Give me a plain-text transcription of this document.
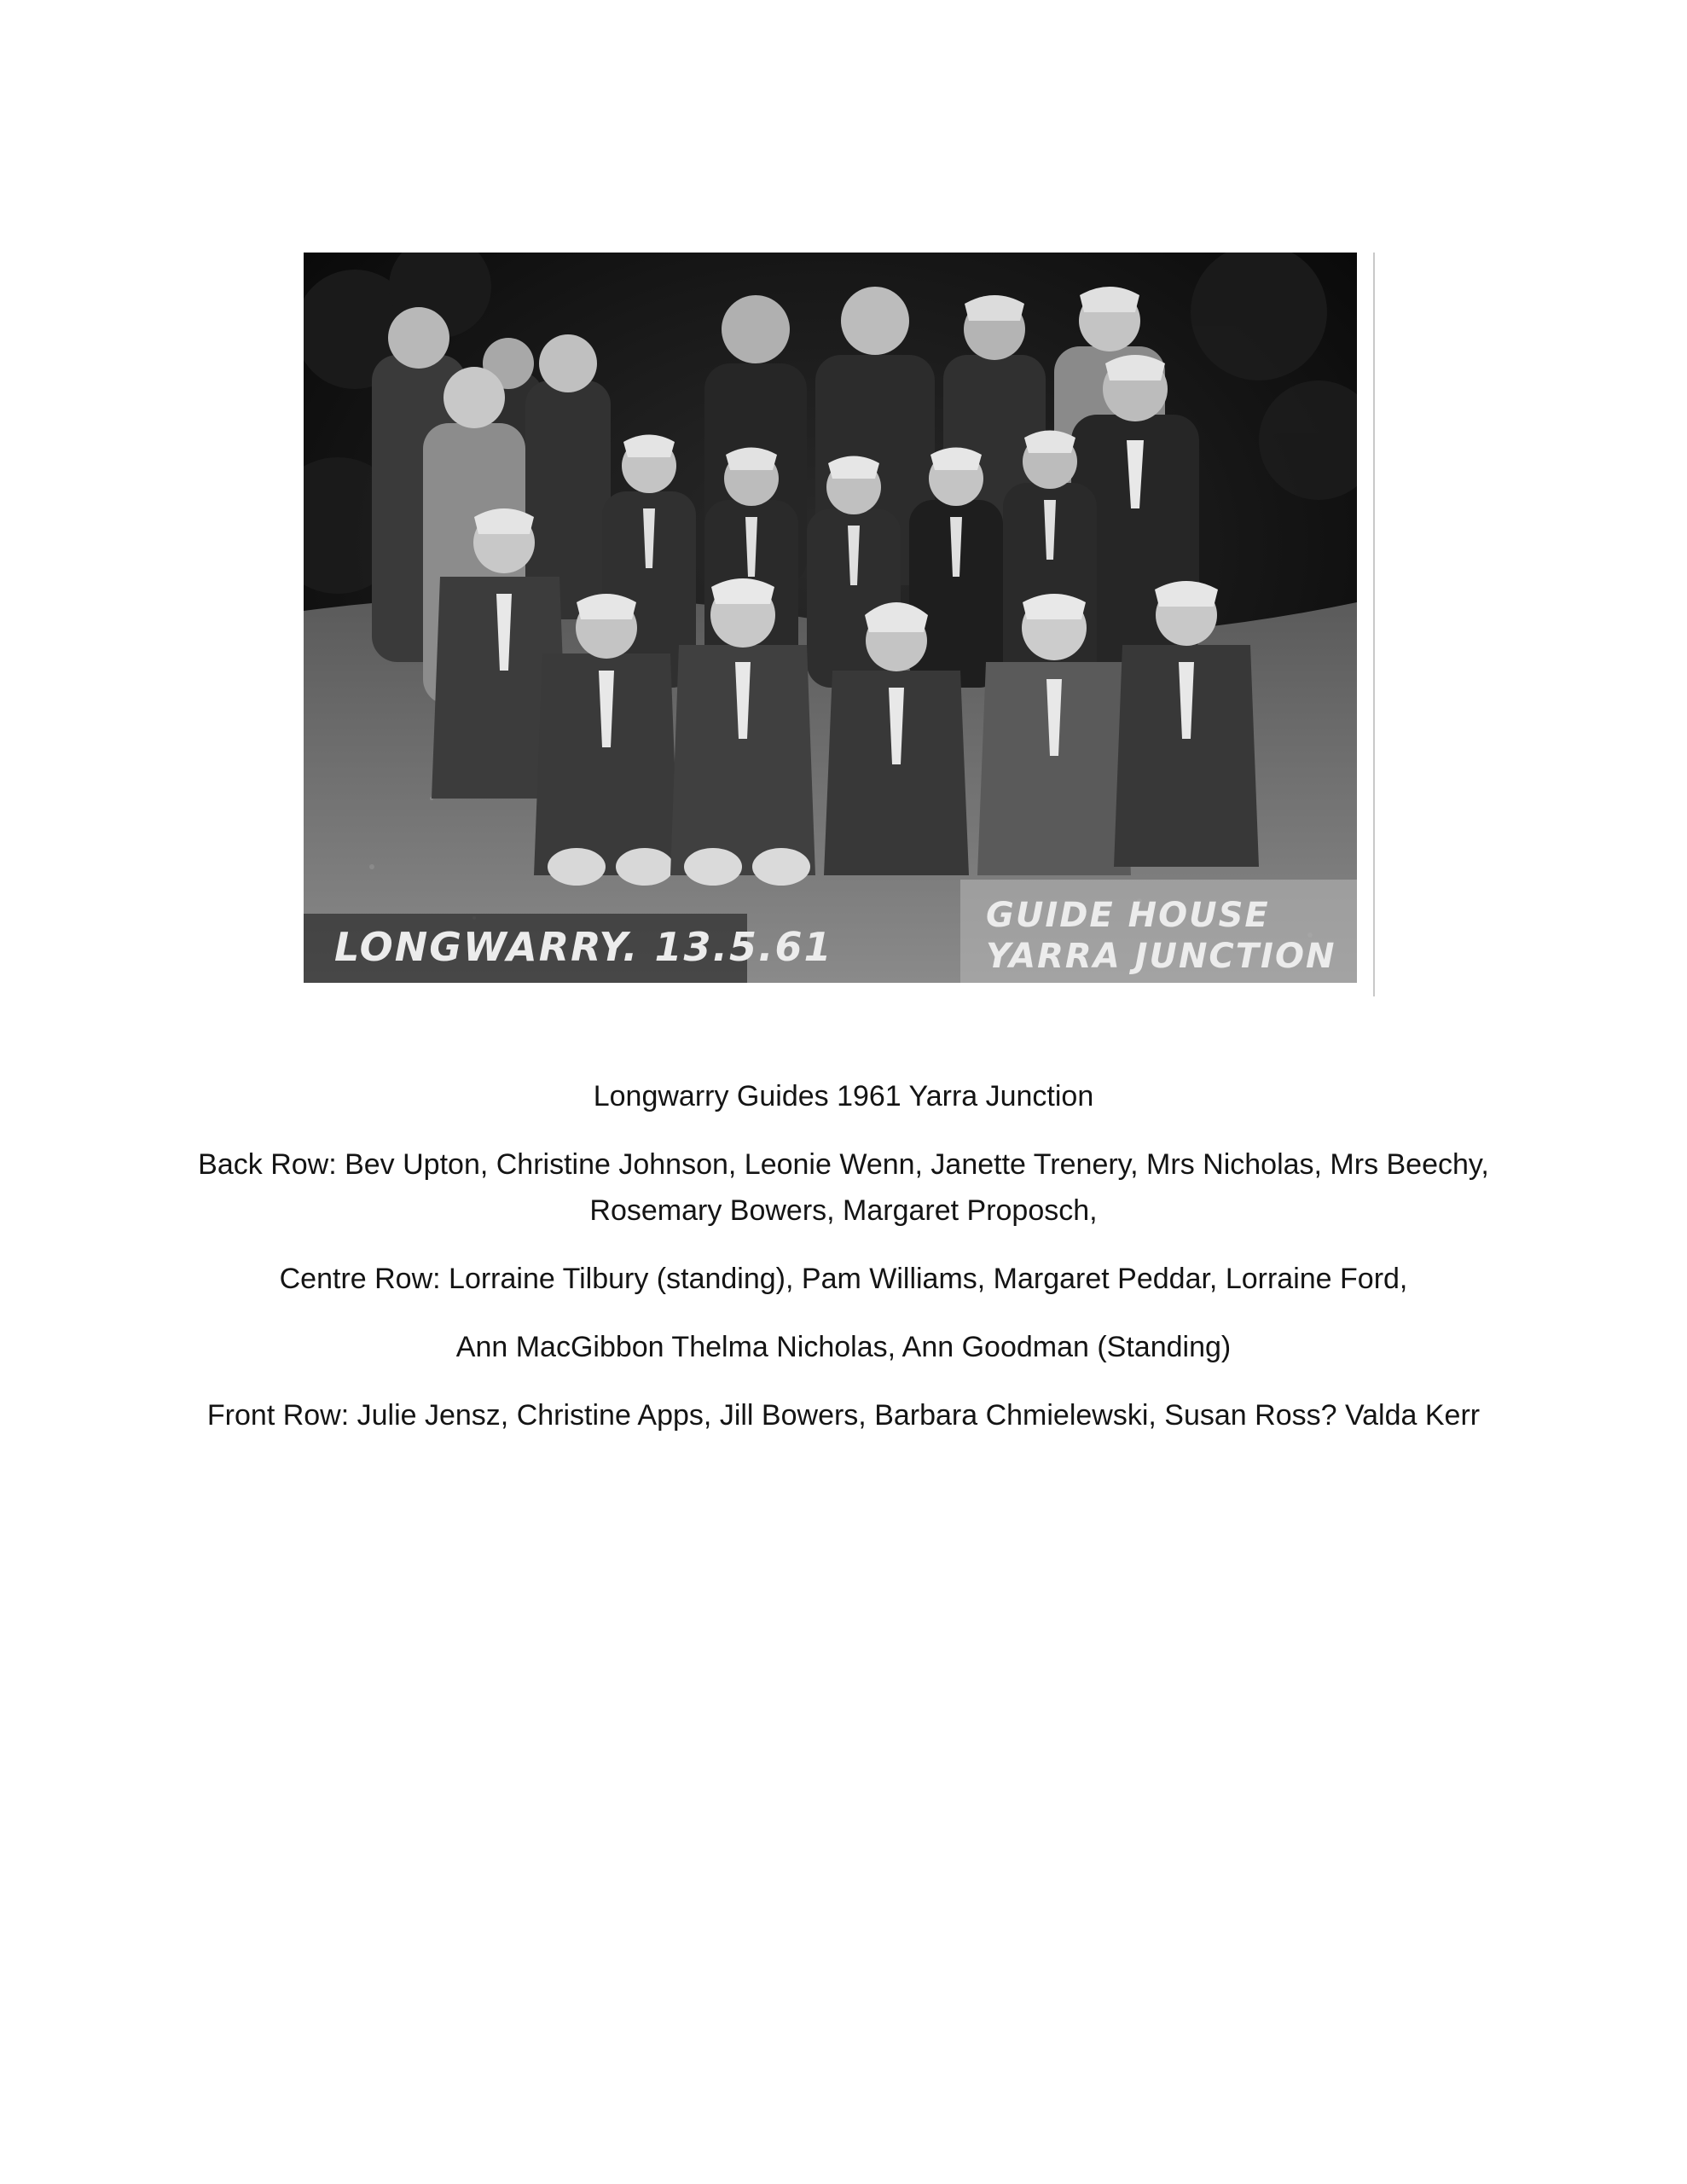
LONGWARRY. 13.5.61
GUIDE HOUSE
YARRA JUNCTION

Longwarry Guides 1961 Yarra Junction

Back Row: Bev Upton, Christine Johnson, Leonie Wenn, Janette Trenery, Mrs Nicholas, Mrs Beechy, Rosemary Bowers, Margaret Proposch,

Centre Row: Lorraine Tilbury (standing), Pam Williams, Margaret Peddar, Lorraine Ford,

Ann MacGibbon Thelma Nicholas, Ann Goodman (Standing)

Front Row: Julie Jensz, Christine Apps, Jill Bowers, Barbara Chmielewski, Susan Ross? Valda Kerr
